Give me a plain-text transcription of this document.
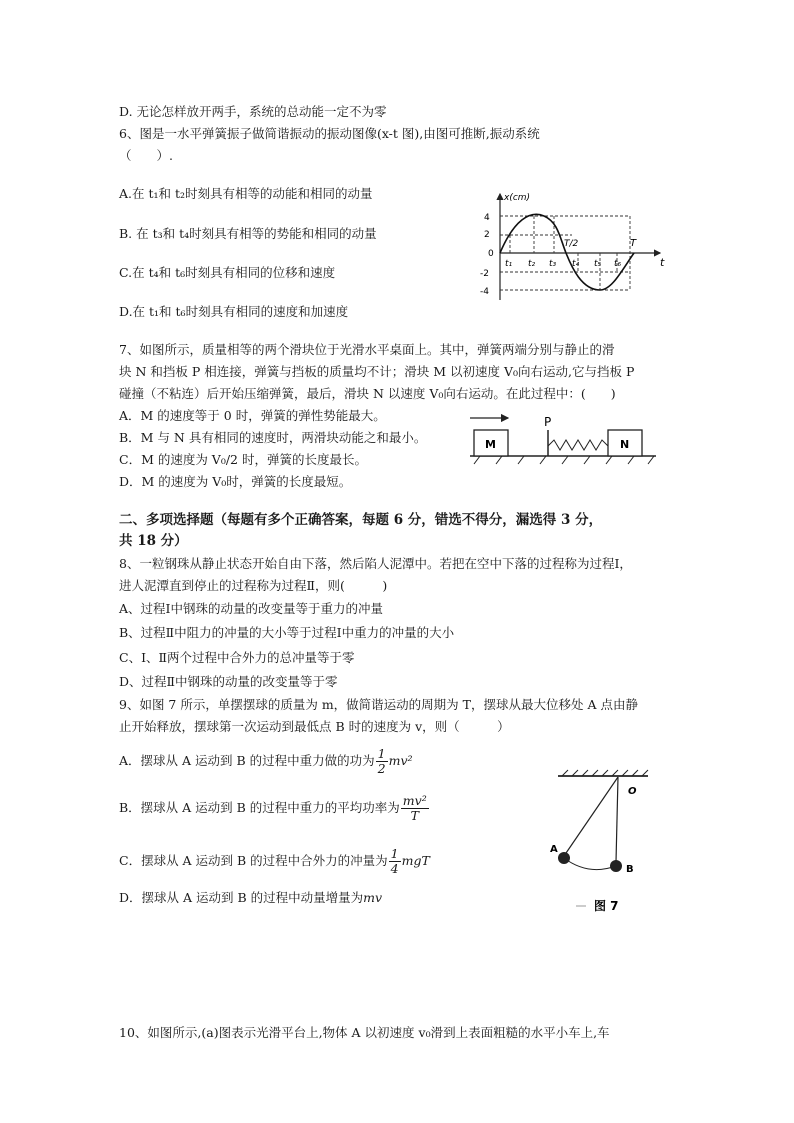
D. 无论怎样放开两手，系统的总动能一定不为零
6、图是一水平弹簧振子做简谐振动的振动图像(x-t 图),由图可推断,振动系统
（　　）.
A.在 t₁和 t₂时刻具有相等的动能和相同的动量
B. 在 t₃和 t₄时刻具有相等的势能和相同的动量
C.在 t₄和 t₆时刻具有相同的位移和速度
D.在 t₁和 t₆时刻具有相同的速度和加速度
x(cm)
t
4
2
0
-2
-4
t₁ t₂ t₃ t₄ t₅ t₆
T/2	T
7、如图所示，质量相等的两个滑块位于光滑水平桌面上。其中，弹簧两端分别与静止的滑
块 N 和挡板 P 相连接，弹簧与挡板的质量均不计；滑块 M 以初速度 V₀向右运动,它与挡板 P
碰撞（不粘连）后开始压缩弹簧，最后，滑块 N 以速度 V₀向右运动。在此过程中：(　　)
A．M 的速度等于 0 时，弹簧的弹性势能最大。
B．M 与 N 具有相同的速度时，两滑块动能之和最小。
C．M 的速度为 V₀/2 时，弹簧的长度最长。
D．M 的速度为 V₀时，弹簧的长度最短。
P
M	N
二、多项选择题（每题有多个正确答案，每题 6 分，错选不得分，漏选得 3 分，
共 18 分）
8、一粒钢珠从静止状态开始自由下落，然后陷人泥潭中。若把在空中下落的过程称为过程Ⅰ，
进人泥潭直到停止的过程称为过程Ⅱ，则(　　　)
A、过程Ⅰ中钢珠的动量的改变量等于重力的冲量
B、过程Ⅱ中阻力的冲量的大小等于过程Ⅰ中重力的冲量的大小
C、Ⅰ、Ⅱ两个过程中合外力的总冲量等于零
D、过程Ⅱ中钢珠的动量的改变量等于零
9、如图 7 所示，单摆摆球的质量为 m，做简谐运动的周期为 T，摆球从最大位移处 A 点由静
止开始释放，摆球第一次运动到最低点 B 时的速度为 v，则（　　　）
A．摆球从 A 运动到 B 的过程中重力做的功为 $\frac{1}{2} mv^2$
B．摆球从 A 运动到 B 的过程中重力的平均功率为 $\frac{\text{mv²}}{T}$
C．摆球从 A 运动到 B 的过程中合外力的冲量为 $\frac{1}{4}$ mgT
D．摆球从 A 运动到 B 的过程中动量增量为mv
O
A
B
图 7
10、如图所示,(a)图表示光滑平台上,物体 A 以初速度 v₀滑到上表面粗糙的水平小车上,车
